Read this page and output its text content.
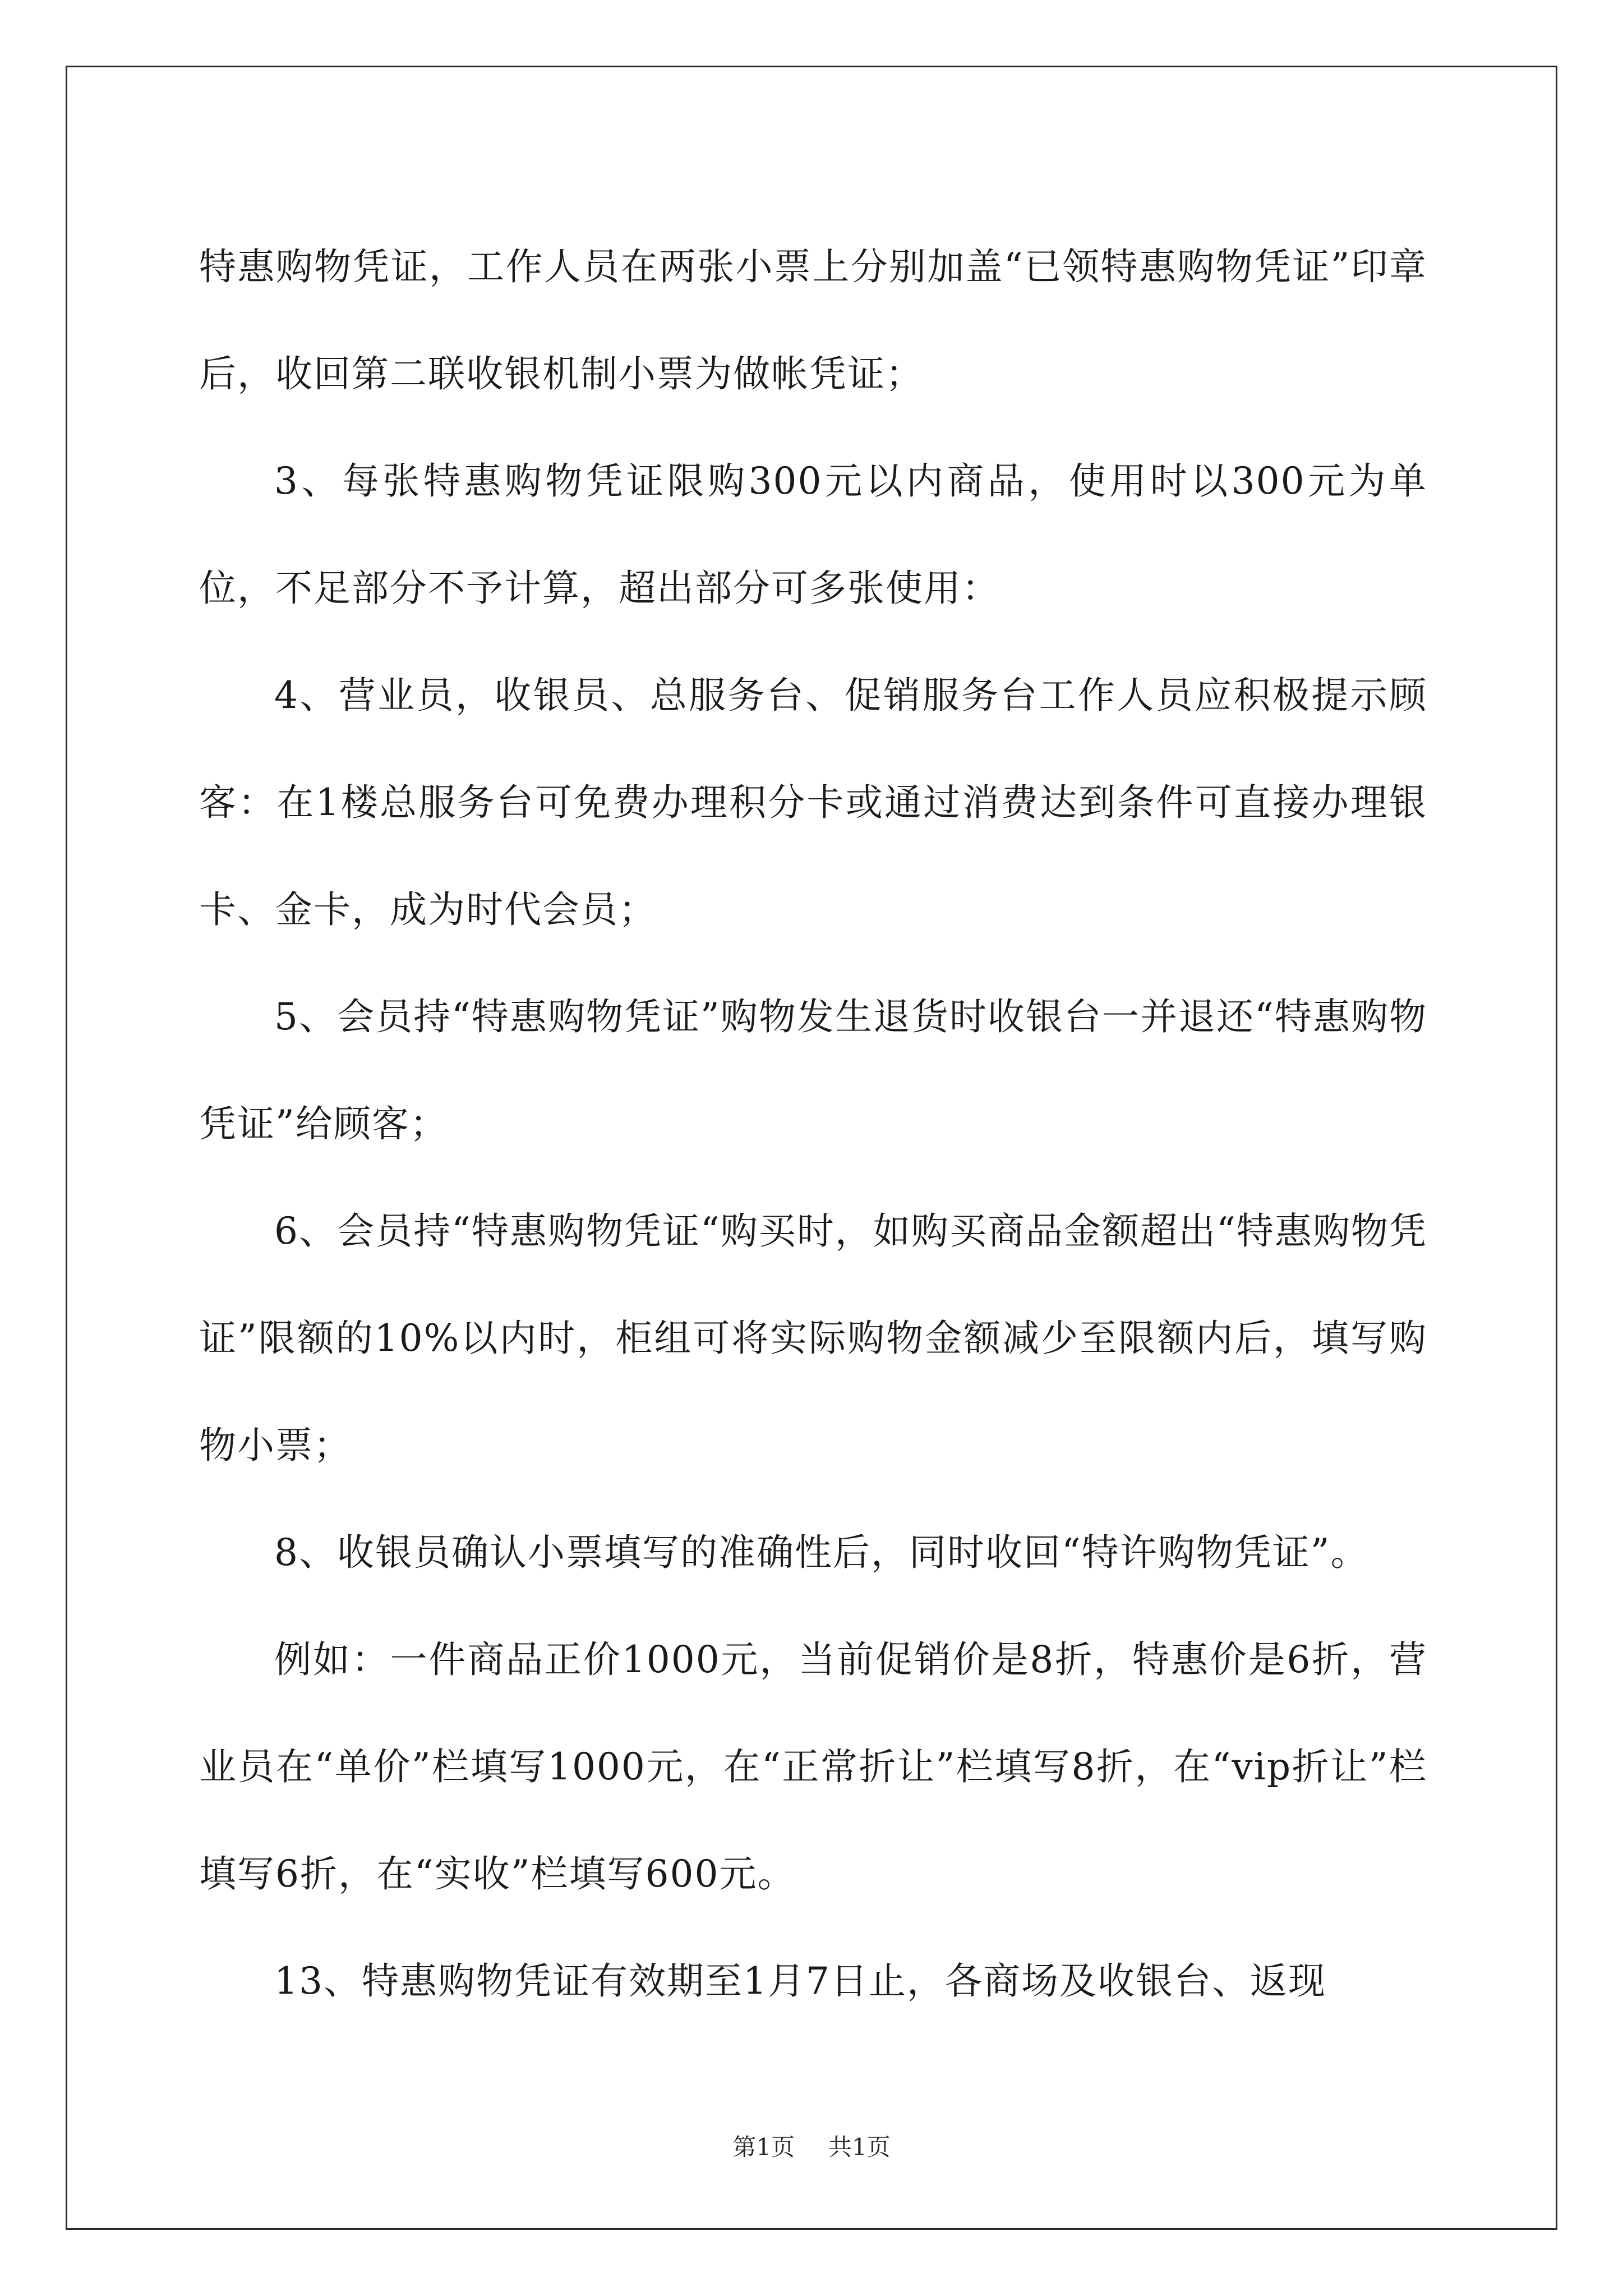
特惠购物凭证，工作人员在两张小票上分别加盖“已领特惠购物凭证”印章后，收回第二联收银机制小票为做帐凭证；

3、每张特惠购物凭证限购300元以内商品，使用时以300元为单位，不足部分不予计算，超出部分可多张使用：

4、营业员，收银员、总服务台、促销服务台工作人员应积极提示顾客：在1楼总服务台可免费办理积分卡或通过消费达到条件可直接办理银卡、金卡，成为时代会员；

5、会员持“特惠购物凭证”购物发生退货时收银台一并退还“特惠购物凭证”给顾客；

6、会员持“特惠购物凭证“购买时，如购买商品金额超出“特惠购物凭证”限额的10%以内时，柜组可将实际购物金额减少至限额内后，填写购物小票；

8、收银员确认小票填写的准确性后，同时收回“特许购物凭证”。

例如：一件商品正价1000元，当前促销价是8折，特惠价是6折，营业员在“单价”栏填写1000元，在“正常折让”栏填写8折，在“vip折让”栏填写6折，在“实收”栏填写600元。

13、特惠购物凭证有效期至1月7日止，各商场及收银台、返现

第1页 共1页
